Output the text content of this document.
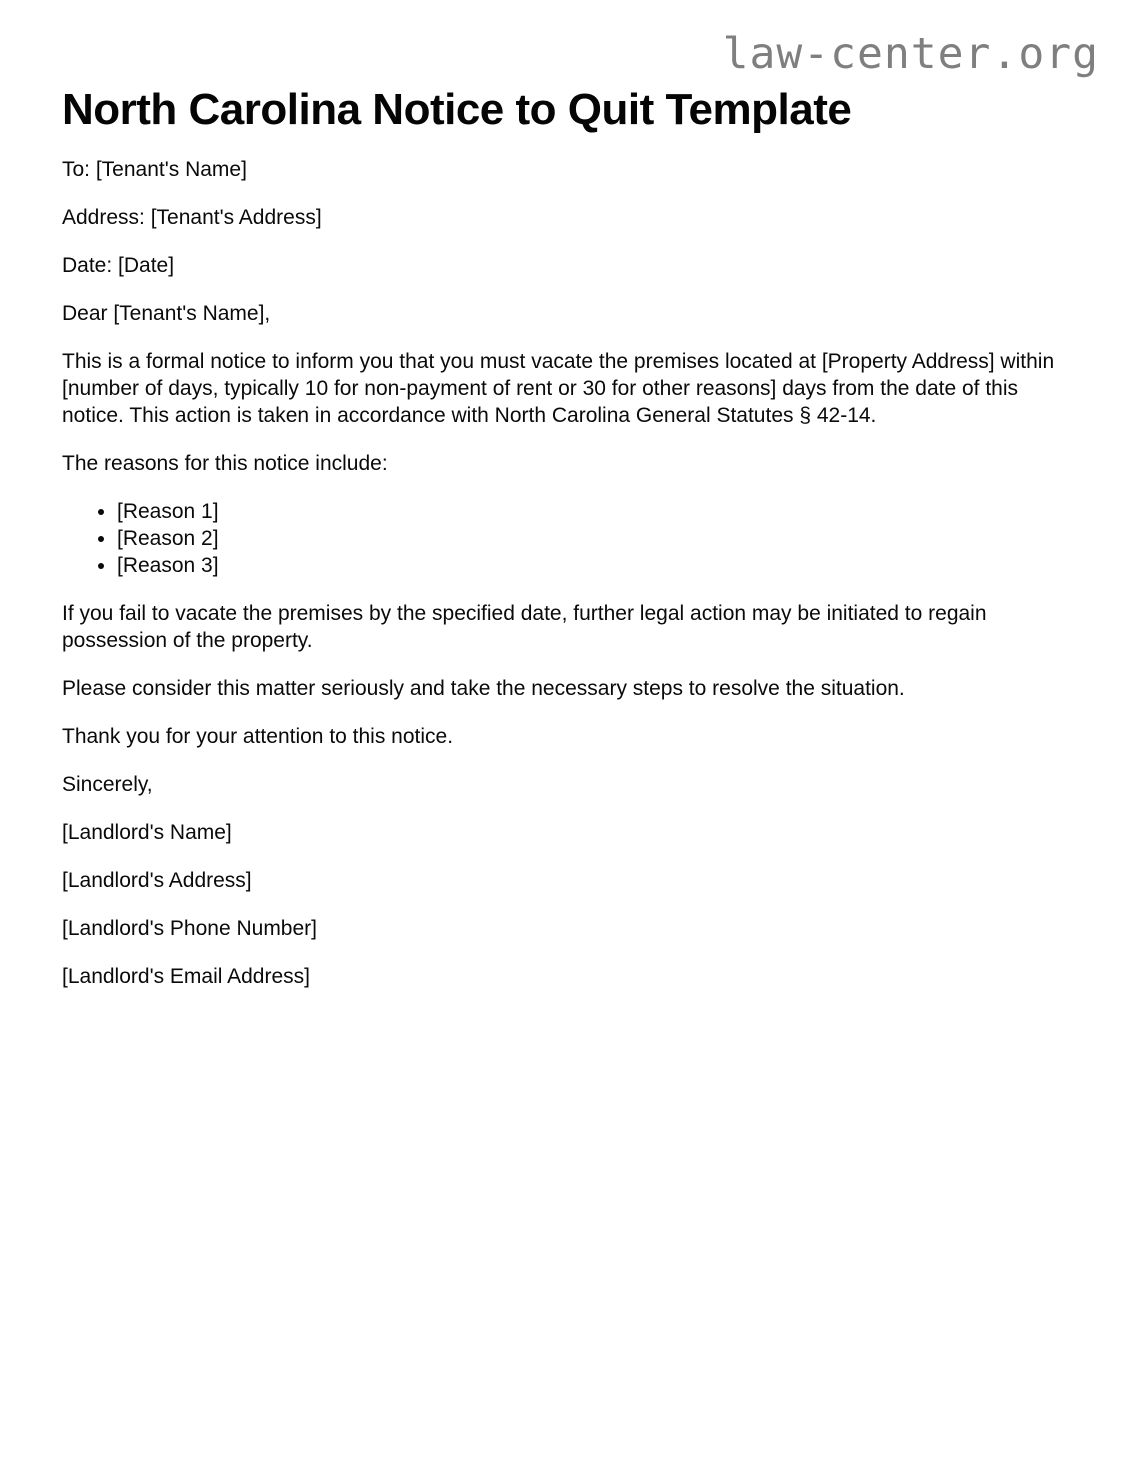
law-center.org
North Carolina Notice to Quit Template

To: [Tenant's Name]

Address: [Tenant's Address]

Date: [Date]

Dear [Tenant's Name],

This is a formal notice to inform you that you must vacate the premises located at [Property Address] within [number of days, typically 10 for non-payment of rent or 30 for other reasons] days from the date of this notice. This action is taken in accordance with North Carolina General Statutes § 42-14.

The reasons for this notice include:

• [Reason 1]
• [Reason 2]
• [Reason 3]

If you fail to vacate the premises by the specified date, further legal action may be initiated to regain possession of the property.

Please consider this matter seriously and take the necessary steps to resolve the situation.

Thank you for your attention to this notice.

Sincerely,

[Landlord's Name]

[Landlord's Address]

[Landlord's Phone Number]

[Landlord's Email Address]
